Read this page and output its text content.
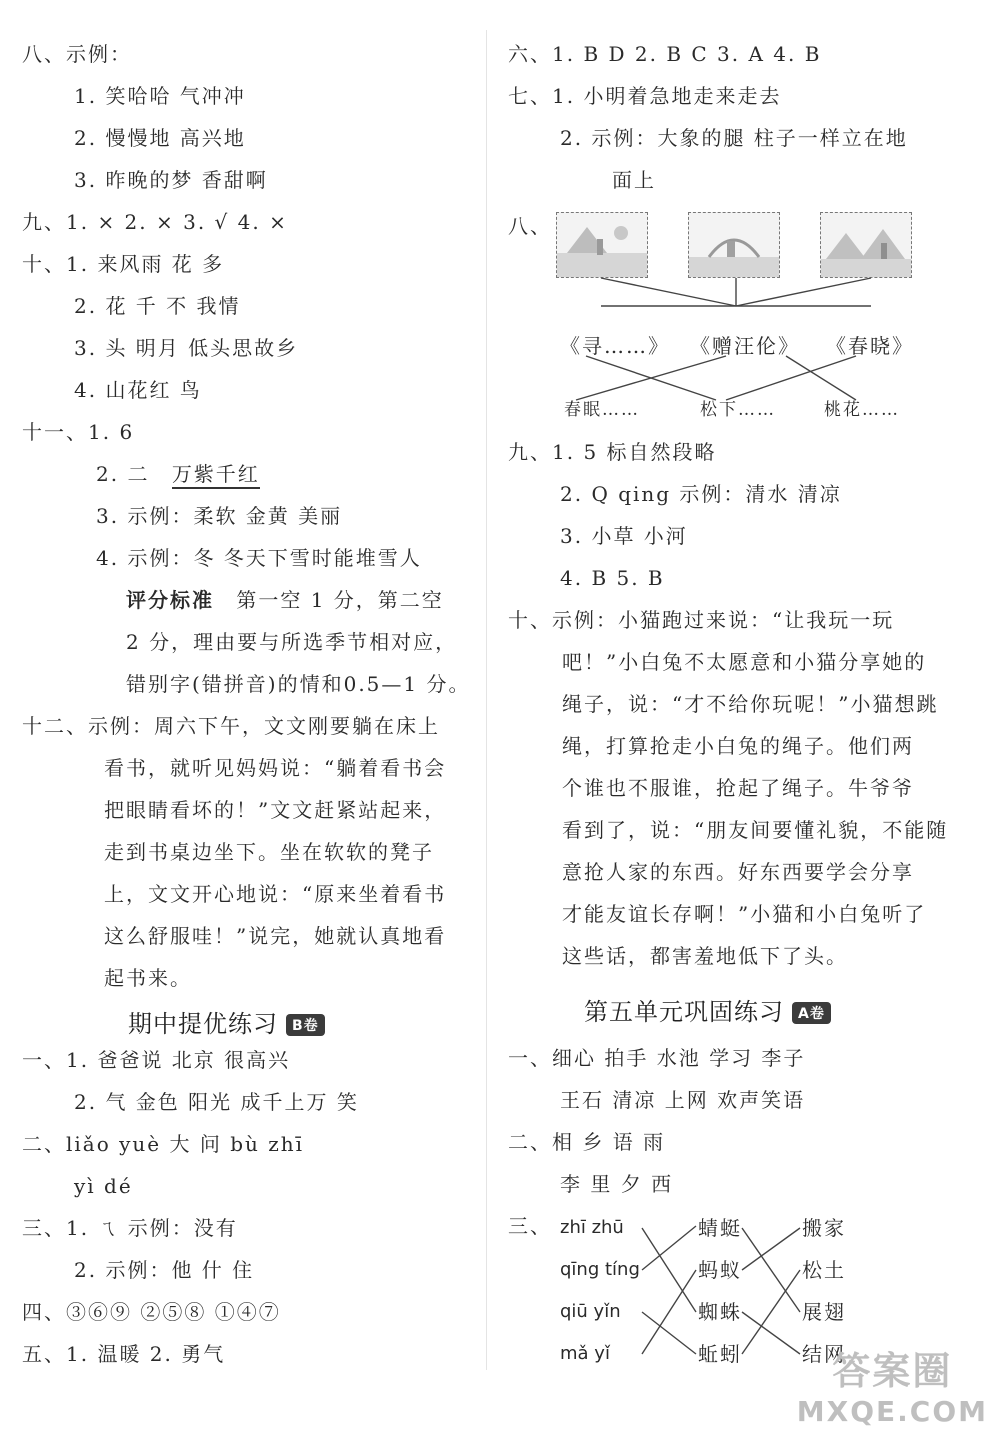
八、示例：
1. 笑哈哈 气冲冲
2. 慢慢地 高兴地
3. 昨晚的梦 香甜啊
九、1. × 2. × 3. √ 4. ×
十、1. 来风雨 花 多
2. 花 千 不 我情
3. 头 明月 低头思故乡
4. 山花红 鸟
十一、1. 6
2. 二 万紫千红
3. 示例：柔软 金黄 美丽
4. 示例：冬 冬天下雪时能堆雪人
评分标准 第一空 1 分，第二空
2 分，理由要与所选季节相对应，
错别字(错拼音)的情和0.5—1 分。
十二、示例：周六下午，文文刚要躺在床上
看书，就听见妈妈说：“躺着看书会
把眼睛看坏的！”文文赶紧站起来，
走到书桌边坐下。坐在软软的凳子
上，文文开心地说：“原来坐着看书
这么舒服哇！”说完，她就认真地看
起书来。
期中提优练习 B卷
一、1. 爸爸说 北京 很高兴
2. 气 金色 阳光 成千上万 笑
二、liǎo yuè 大 问 bù zhī
yì dé
三、1. ㄟ 示例：没有
2. 示例：他 什 住
四、③⑥⑨ ②⑤⑧ ①④⑦
五、1. 温暖 2. 勇气
六、1. B D 2. B C 3. A 4. B
七、1. 小明着急地走来走去
2. 示例：大象的腿 柱子一样立在地
面上
八、
《寻……》 《赠汪伦》 《春晓》
春眠……	松下……	桃花……
九、1. 5 标自然段略
2. Q qing 示例：清水 清凉
3. 小草 小河
4. B 5. B
十、示例：小猫跑过来说：“让我玩一玩
吧！”小白兔不太愿意和小猫分享她的
绳子，说：“才不给你玩呢！”小猫想跳
绳，打算抢走小白兔的绳子。他们两
个谁也不服谁，抢起了绳子。牛爷爷
看到了，说：“朋友间要懂礼貌，不能随
意抢人家的东西。好东西要学会分享
才能友谊长存啊！”小猫和小白兔听了
这些话，都害羞地低下了头。
第五单元巩固练习 A卷
一、细心 拍手 水池 学习 李子
王石 清凉 上网 欢声笑语
二、相 乡 语 雨
李 里 夕 西
三、 zhī zhū
qīng tíng
qiū yǐn
mǎ yǐ
蜻蜓
蚂蚁
蜘蛛
蚯蚓
搬家
松土
展翅
结网
答案圈
MXQE.COM
